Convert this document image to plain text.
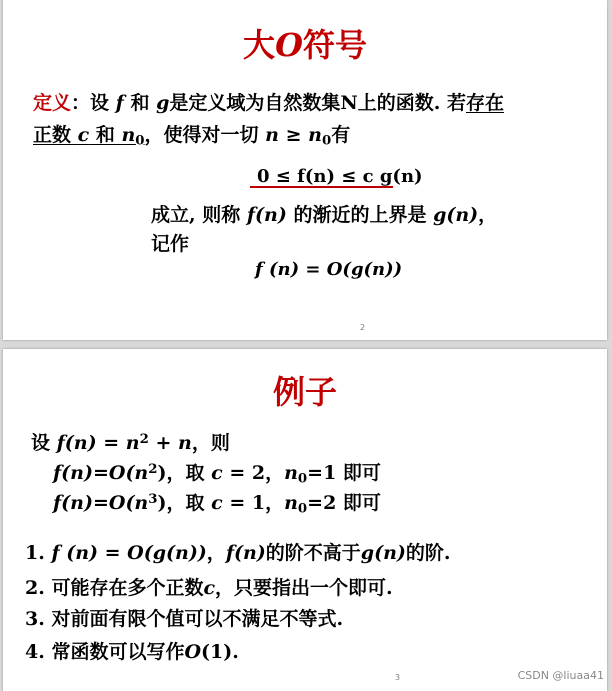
大O符号
定义：设 f 和 g是定义域为自然数集N上的函数. 若存在
正数 c 和 $n_0$，使得对一切 $n \ge n_0$有
0 ≤ f(n) ≤ c g(n)
成立, 则称 f(n) 的渐近的上界是 g(n)，
记作
f (n) = O(g(n))
2
例子
设 $f(n) = n^2 + n$，则
$f(n)=O(n^2)$，取 c = 2，$n_0=1$ 即可
$f(n)=O(n^3)$，取 c = 1，$n_0=2$ 即可
1. f (n) = O(g(n))，f(n)的阶不高于g(n)的阶.
2. 可能存在多个正数c，只要指出一个即可.
3. 对前面有限个值可以不满足不等式.
4. 常函数可以写作O(1).
3	CSDN @liuaa41
